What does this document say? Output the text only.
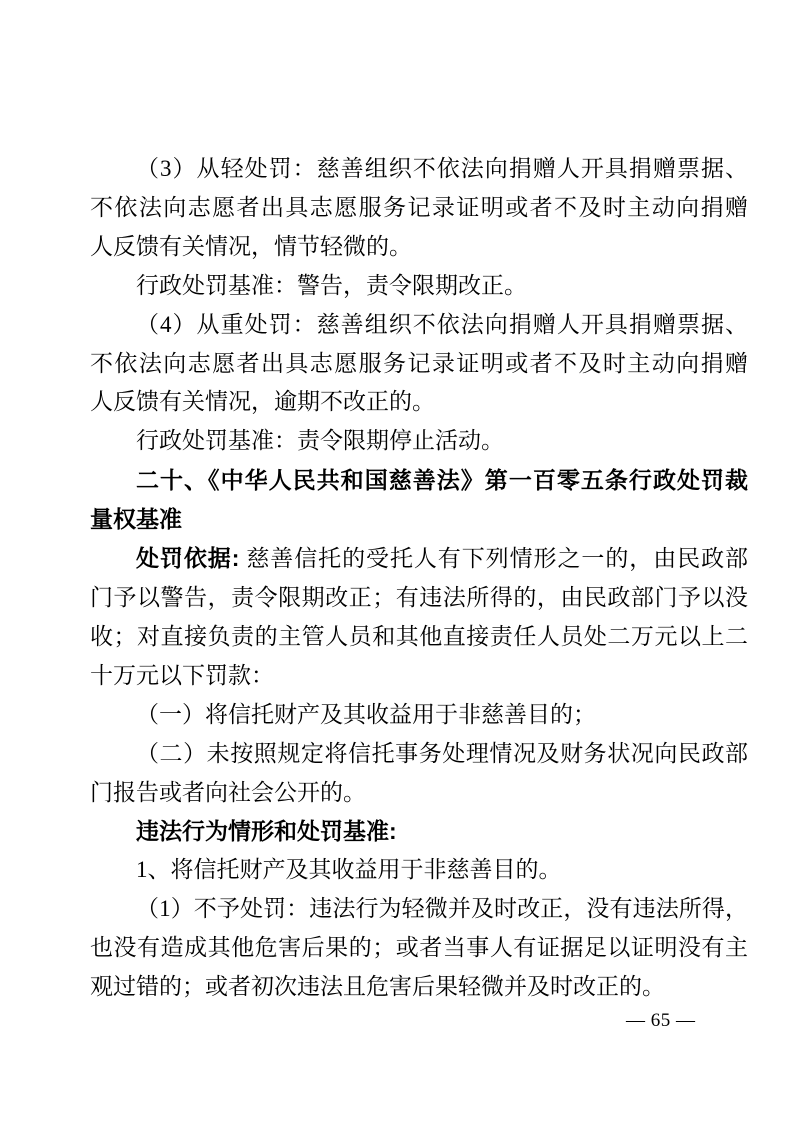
（3）从轻处罚：慈善组织不依法向捐赠人开具捐赠票据、

不依法向志愿者出具志愿服务记录证明或者不及时主动向捐赠

人反馈有关情况，情节轻微的。

行政处罚基准：警告，责令限期改正。

（4）从重处罚：慈善组织不依法向捐赠人开具捐赠票据、

不依法向志愿者出具志愿服务记录证明或者不及时主动向捐赠

人反馈有关情况，逾期不改正的。

行政处罚基准：责令限期停止活动。

二十、《中华人民共和国慈善法》第一百零五条行政处罚裁

量权基准

处罚依据: 慈善信托的受托人有下列情形之一的，由民政部

门予以警告，责令限期改正；有违法所得的，由民政部门予以没

收；对直接负责的主管人员和其他直接责任人员处二万元以上二

十万元以下罚款：

（一）将信托财产及其收益用于非慈善目的；

（二）未按照规定将信托事务处理情况及财务状况向民政部

门报告或者向社会公开的。

违法行为情形和处罚基准:

1、将信托财产及其收益用于非慈善目的。

（1）不予处罚：违法行为轻微并及时改正，没有违法所得，

也没有造成其他危害后果的；或者当事人有证据足以证明没有主

观过错的；或者初次违法且危害后果轻微并及时改正的。

— 65 —
